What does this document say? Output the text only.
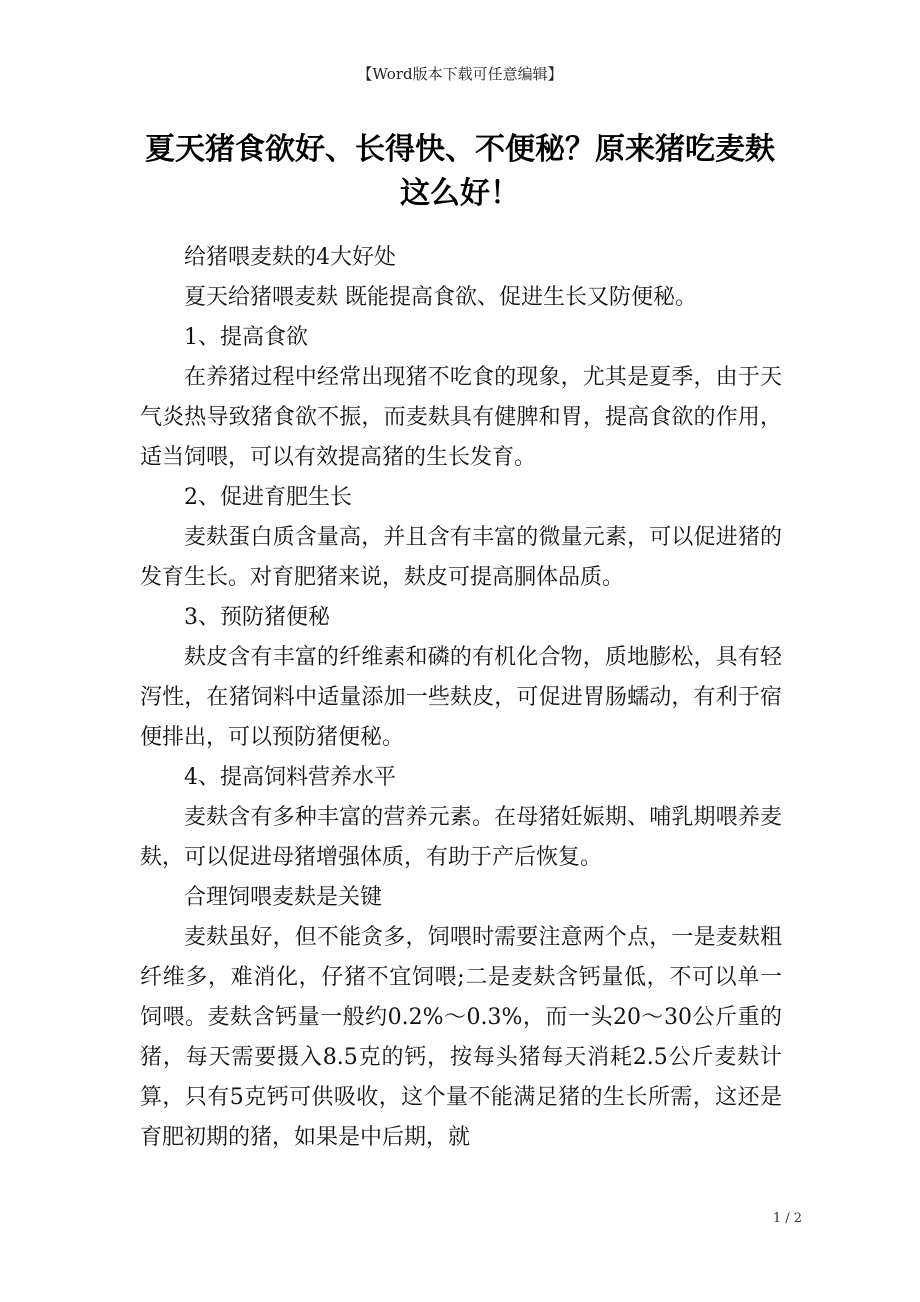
【Word版本下载可任意编辑】
夏天猪食欲好、长得快、不便秘？原来猪吃麦麸这么好！

给猪喂麦麸的4大好处

夏天给猪喂麦麸 既能提高食欲、促进生长又防便秘。

1、提高食欲

在养猪过程中经常出现猪不吃食的现象，尤其是夏季，由于天气炎热导致猪食欲不振，而麦麸具有健脾和胃，提高食欲的作用，适当饲喂，可以有效提高猪的生长发育。

2、促进育肥生长

麦麸蛋白质含量高，并且含有丰富的微量元素，可以促进猪的发育生长。对育肥猪来说，麸皮可提高胴体品质。

3、预防猪便秘

麸皮含有丰富的纤维素和磷的有机化合物，质地膨松，具有轻泻性，在猪饲料中适量添加一些麸皮，可促进胃肠蠕动，有利于宿便排出，可以预防猪便秘。

4、提高饲料营养水平

麦麸含有多种丰富的营养元素。在母猪妊娠期、哺乳期喂养麦麸，可以促进母猪增强体质，有助于产后恢复。

合理饲喂麦麸是关键

麦麸虽好，但不能贪多，饲喂时需要注意两个点，一是麦麸粗纤维多，难消化，仔猪不宜饲喂;二是麦麸含钙量低，不可以单一饲喂。麦麸含钙量一般约0.2%～0.3%，而一头20～30公斤重的猪，每天需要摄入8.5克的钙，按每头猪每天消耗2.5公斤麦麸计算，只有5克钙可供吸收，这个量不能满足猪的生长所需，这还是育肥初期的猪，如果是中后期，就

1 / 2
